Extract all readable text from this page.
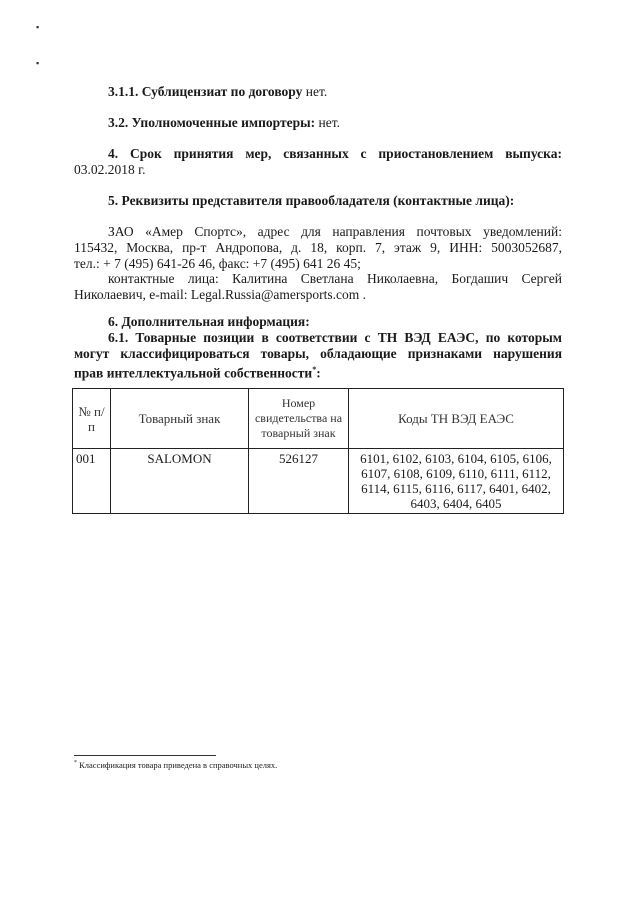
▪
▪
3.1.1. Сублицензиат по договору нет.
3.2. Уполномоченные импортеры: нет.
4. Срок принятия мер, связанных с приостановлением выпуска:
03.02.2018 г.
5. Реквизиты представителя правообладателя (контактные лица):
ЗАО «Амер Спортс», адрес для направления почтовых уведомлений:
115432, Москва, пр-т Андропова, д. 18, корп. 7, этаж 9, ИНН: 5003052687,
тел.: + 7 (495) 641-26 46, факс: +7 (495) 641 26 45;
контактные лица: Калитина Светлана Николаевна, Богдашич Сергей
Николаевич, e-mail: Legal.Russia@amersports.com .
6. Дополнительная информация:
6.1. Товарные позиции в соответствии с ТН ВЭД ЕАЭС, по которым
могут классифицироваться товары, обладающие признаками нарушения
прав интеллектуальной собственности*:
№ п/п	Товарный знак	Номер свидетельства на товарный знак	Коды ТН ВЭД ЕАЭС
001	SALOMON	526127	6101, 6102, 6103, 6104, 6105, 6106,
6107, 6108, 6109, 6110, 6111, 6112,
6114, 6115, 6116, 6117, 6401, 6402,
6403, 6404, 6405
* Классификация товара приведена в справочных целях.
